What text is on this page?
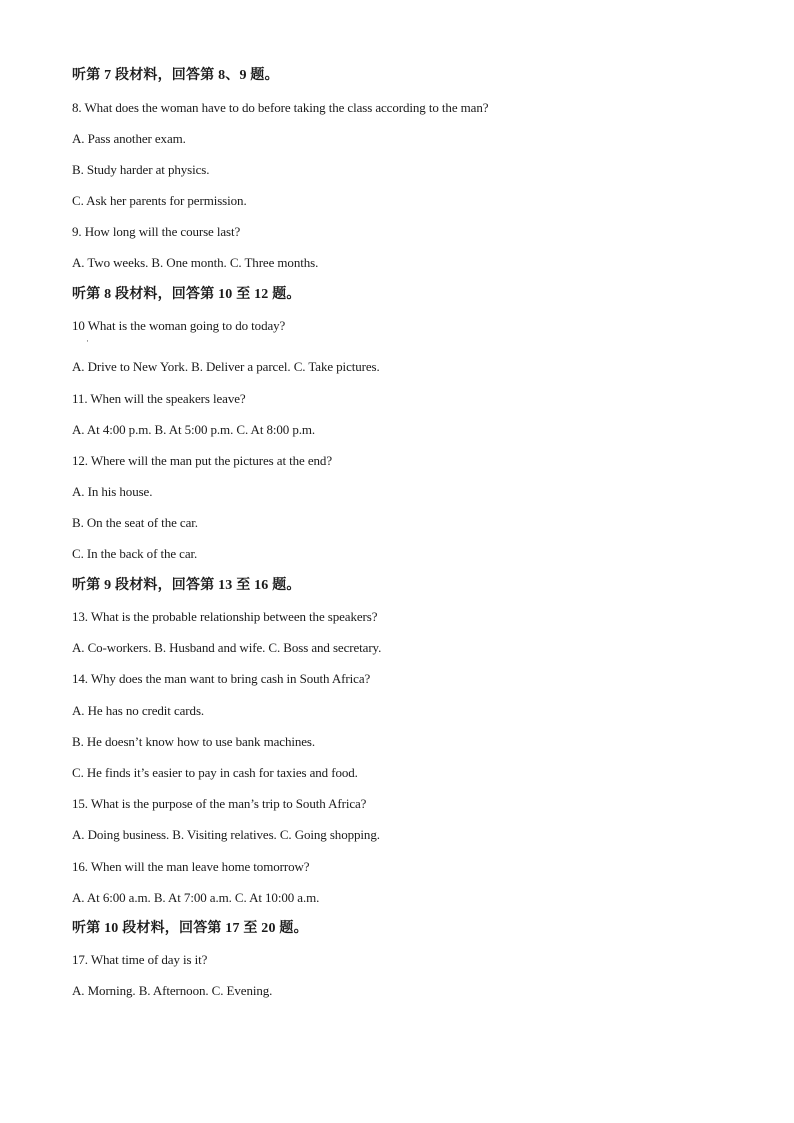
听第 7 段材料，回答第 8、9 题。
8. What does the woman have to do before taking the class according to the man?
A. Pass another exam.
B. Study harder at physics.
C. Ask her parents for permission.
9. How long will the course last?
A. Two weeks. B. One month. C. Three months.
听第 8 段材料，回答第 10 至 12 题。
10 What is the woman going to do today?
·
A. Drive to New York. B. Deliver a parcel. C. Take pictures.
11. When will the speakers leave?
A. At 4:00 p.m. B. At 5:00 p.m. C. At 8:00 p.m.
12. Where will the man put the pictures at the end?
A. In his house.
B. On the seat of the car.
C. In the back of the car.
听第 9 段材料，回答第 13 至 16 题。
13. What is the probable relationship between the speakers?
A. Co-workers. B. Husband and wife. C. Boss and secretary.
14. Why does the man want to bring cash in South Africa?
A. He has no credit cards.
B. He doesn’t know how to use bank machines.
C. He finds it’s easier to pay in cash for taxies and food.
15. What is the purpose of the man’s trip to South Africa?
A. Doing business. B. Visiting relatives. C. Going shopping.
16. When will the man leave home tomorrow?
A. At 6:00 a.m. B. At 7:00 a.m. C. At 10:00 a.m.
听第 10 段材料，回答第 17 至 20 题。
17. What time of day is it?
A. Morning. B. Afternoon. C. Evening.
